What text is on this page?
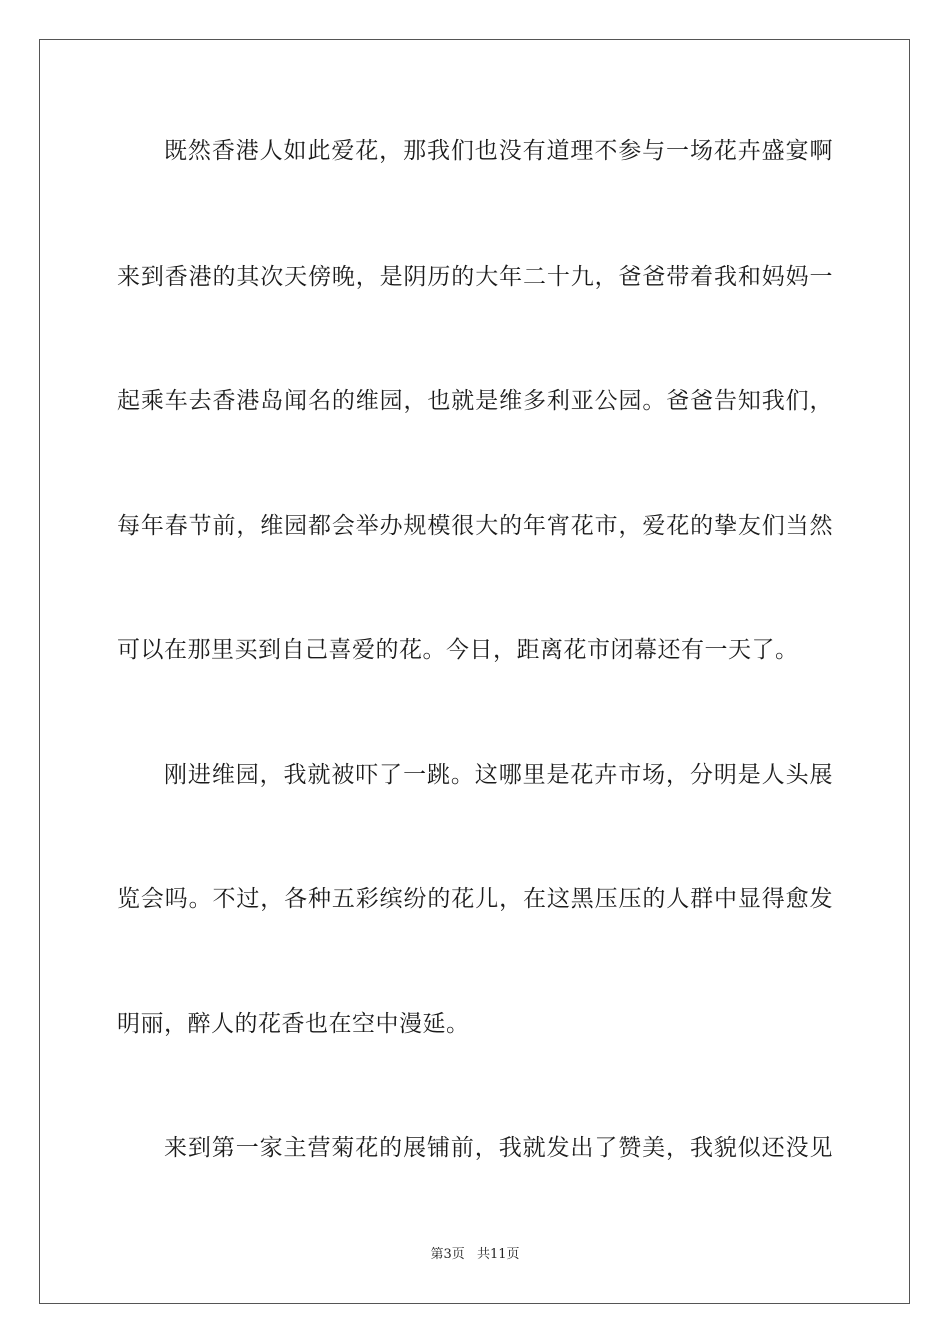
既然香港人如此爱花，那我们也没有道理不参与一场花卉盛宴啊
来到香港的其次天傍晚，是阴历的大年二十九，爸爸带着我和妈妈一
起乘车去香港岛闻名的维园，也就是维多利亚公园。爸爸告知我们，
每年春节前，维园都会举办规模很大的年宵花市，爱花的挚友们当然
可以在那里买到自己喜爱的花。今日，距离花市闭幕还有一天了。
刚进维园，我就被吓了一跳。这哪里是花卉市场，分明是人头展
览会吗。不过，各种五彩缤纷的花儿，在这黑压压的人群中显得愈发
明丽，醉人的花香也在空中漫延。
来到第一家主营菊花的展铺前，我就发出了赞美，我貌似还没见
第3页 共11页
